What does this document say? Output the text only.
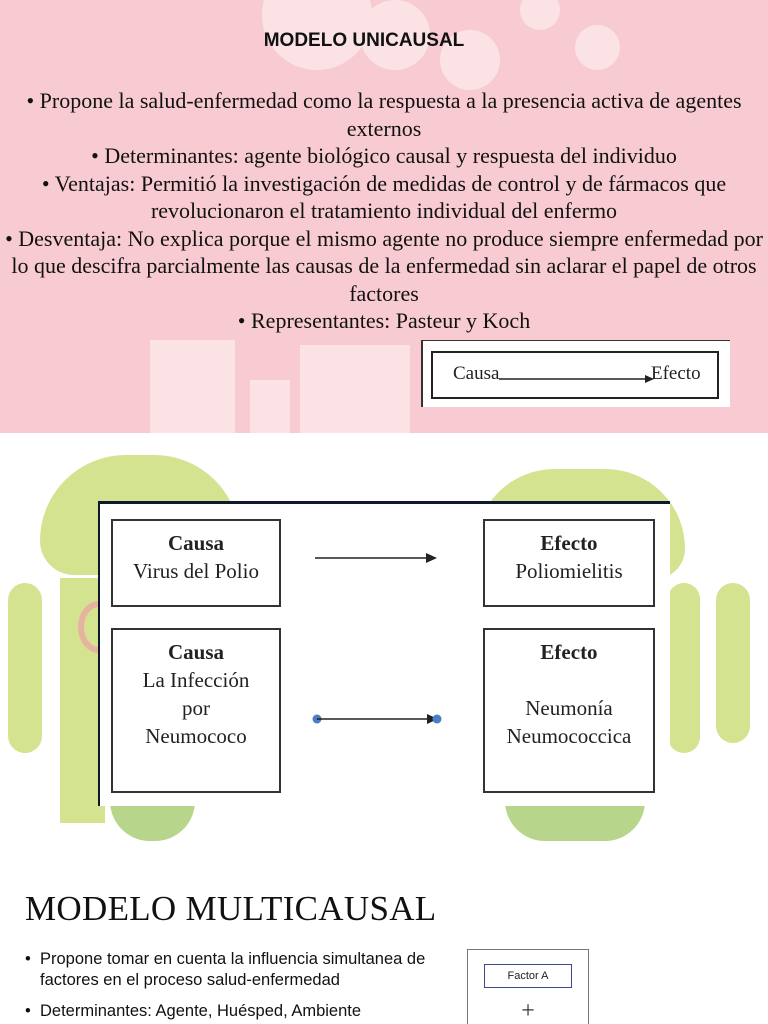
MODELO UNICAUSAL

• Propone la salud-enfermedad como la respuesta a la presencia activa de agentes externos

• Determinantes: agente biológico causal y respuesta del individuo

• Ventajas: Permitió la investigación de medidas de control y de fármacos que revolucionaron el tratamiento individual del enfermo

• Desventaja: No explica porque el mismo agente no produce siempre enfermedad por lo que descifra parcialmente las causas de la enfermedad sin aclarar el papel de otros factores

• Representantes: Pasteur y Koch

Causa	Efecto
Causa
Virus del Polio
Efecto
Poliomielitis
Causa
La Infección
por
Neumococo
Efecto
Neumonía
Neumococcica
MODELO MULTICAUSAL
• Propone tomar en cuenta la influencia simultanea de factores en el proceso salud-enfermedad
• Determinantes: Agente, Huésped, Ambiente
Factor A
+
